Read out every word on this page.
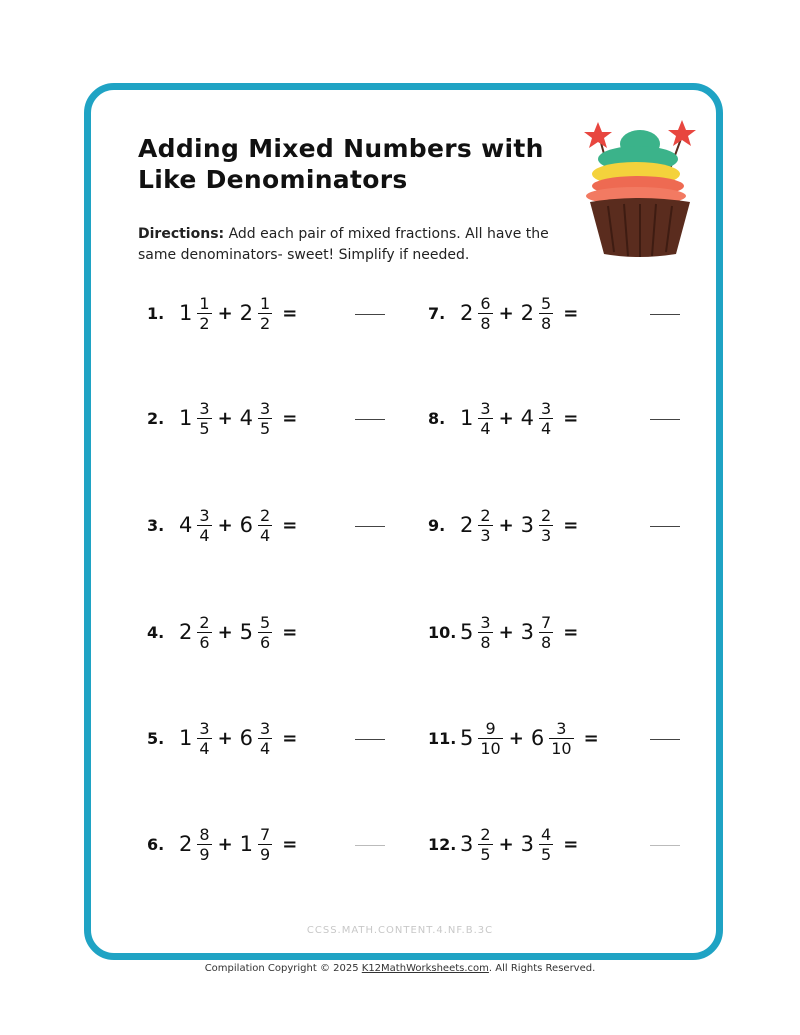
Adding Mixed Numbers with
Like Denominators
Directions: Add each pair of mixed fractions. All have the same denominators- sweet! Simplify if needed.
1. $1 \frac{1}{2} + 2 \frac{1}{2}$ =
2. $1 \frac{3}{5} + 4 \frac{3}{5}$ =
3. $4 \frac{3}{4} + 6 \frac{2}{4}$ =
4. $2 \frac{2}{6} + 5 \frac{5}{6}$ =
5. $1 \frac{3}{4} + 6 \frac{3}{4}$ =
6. $2 \frac{8}{9} + 1 \frac{7}{9}$ =
7. $2 \frac{6}{8} + 2 \frac{5}{8}$ =
8. $1 \frac{3}{4} + 4 \frac{3}{4}$ =
9. $2 \frac{2}{3} + 3 \frac{2}{3}$ =
10. $5 \frac{3}{8} + 3 \frac{7}{8}$ =
11. $5 \frac{9}{10} + 6 \frac{3}{10}$ =
12. $3 \frac{2}{5} + 3 \frac{4}{5}$ =
CCSS.MATH.CONTENT.4.NF.B.3C
Compilation Copyright © 2025 K12MathWorksheets.com. All Rights Reserved.
